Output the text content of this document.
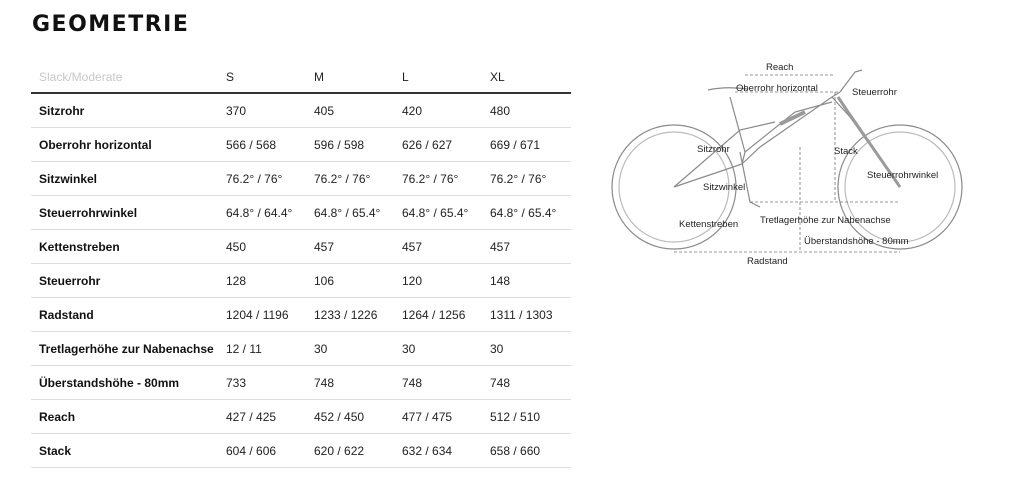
GEOMETRIE
Slack/Moderate	S	M	L	XL
Sitzrohr	370	405	420	480
Oberrohr horizontal	566 / 568	596 / 598	626 / 627	669 / 671
Sitzwinkel	76.2° / 76°	76.2° / 76°	76.2° / 76°	76.2° / 76°
Steuerrohrwinkel	64.8° / 64.4°	64.8° / 65.4°	64.8° / 65.4°	64.8° / 65.4°
Kettenstreben	450	457	457	457
Steuerrohr	128	106	120	148
Radstand	1204 / 1196	1233 / 1226	1264 / 1256	1311 / 1303
Tretlagerhöhe zur Nabenachse	12 / 11	30	30	30
Überstandshöhe - 80mm	733	748	748	748
Reach	427 / 425	452 / 450	477 / 475	512 / 510
Stack	604 / 606	620 / 622	632 / 634	658 / 660
Reach
Oberrohr horizontal	Steuerrohr
Sitzrohr	Stack
Sitzwinkel
Steuerrohrwinkel
Kettenstreben Tretlagerhöhe zur Nabenachse
Überstandshöhe - 80mm
Radstand
